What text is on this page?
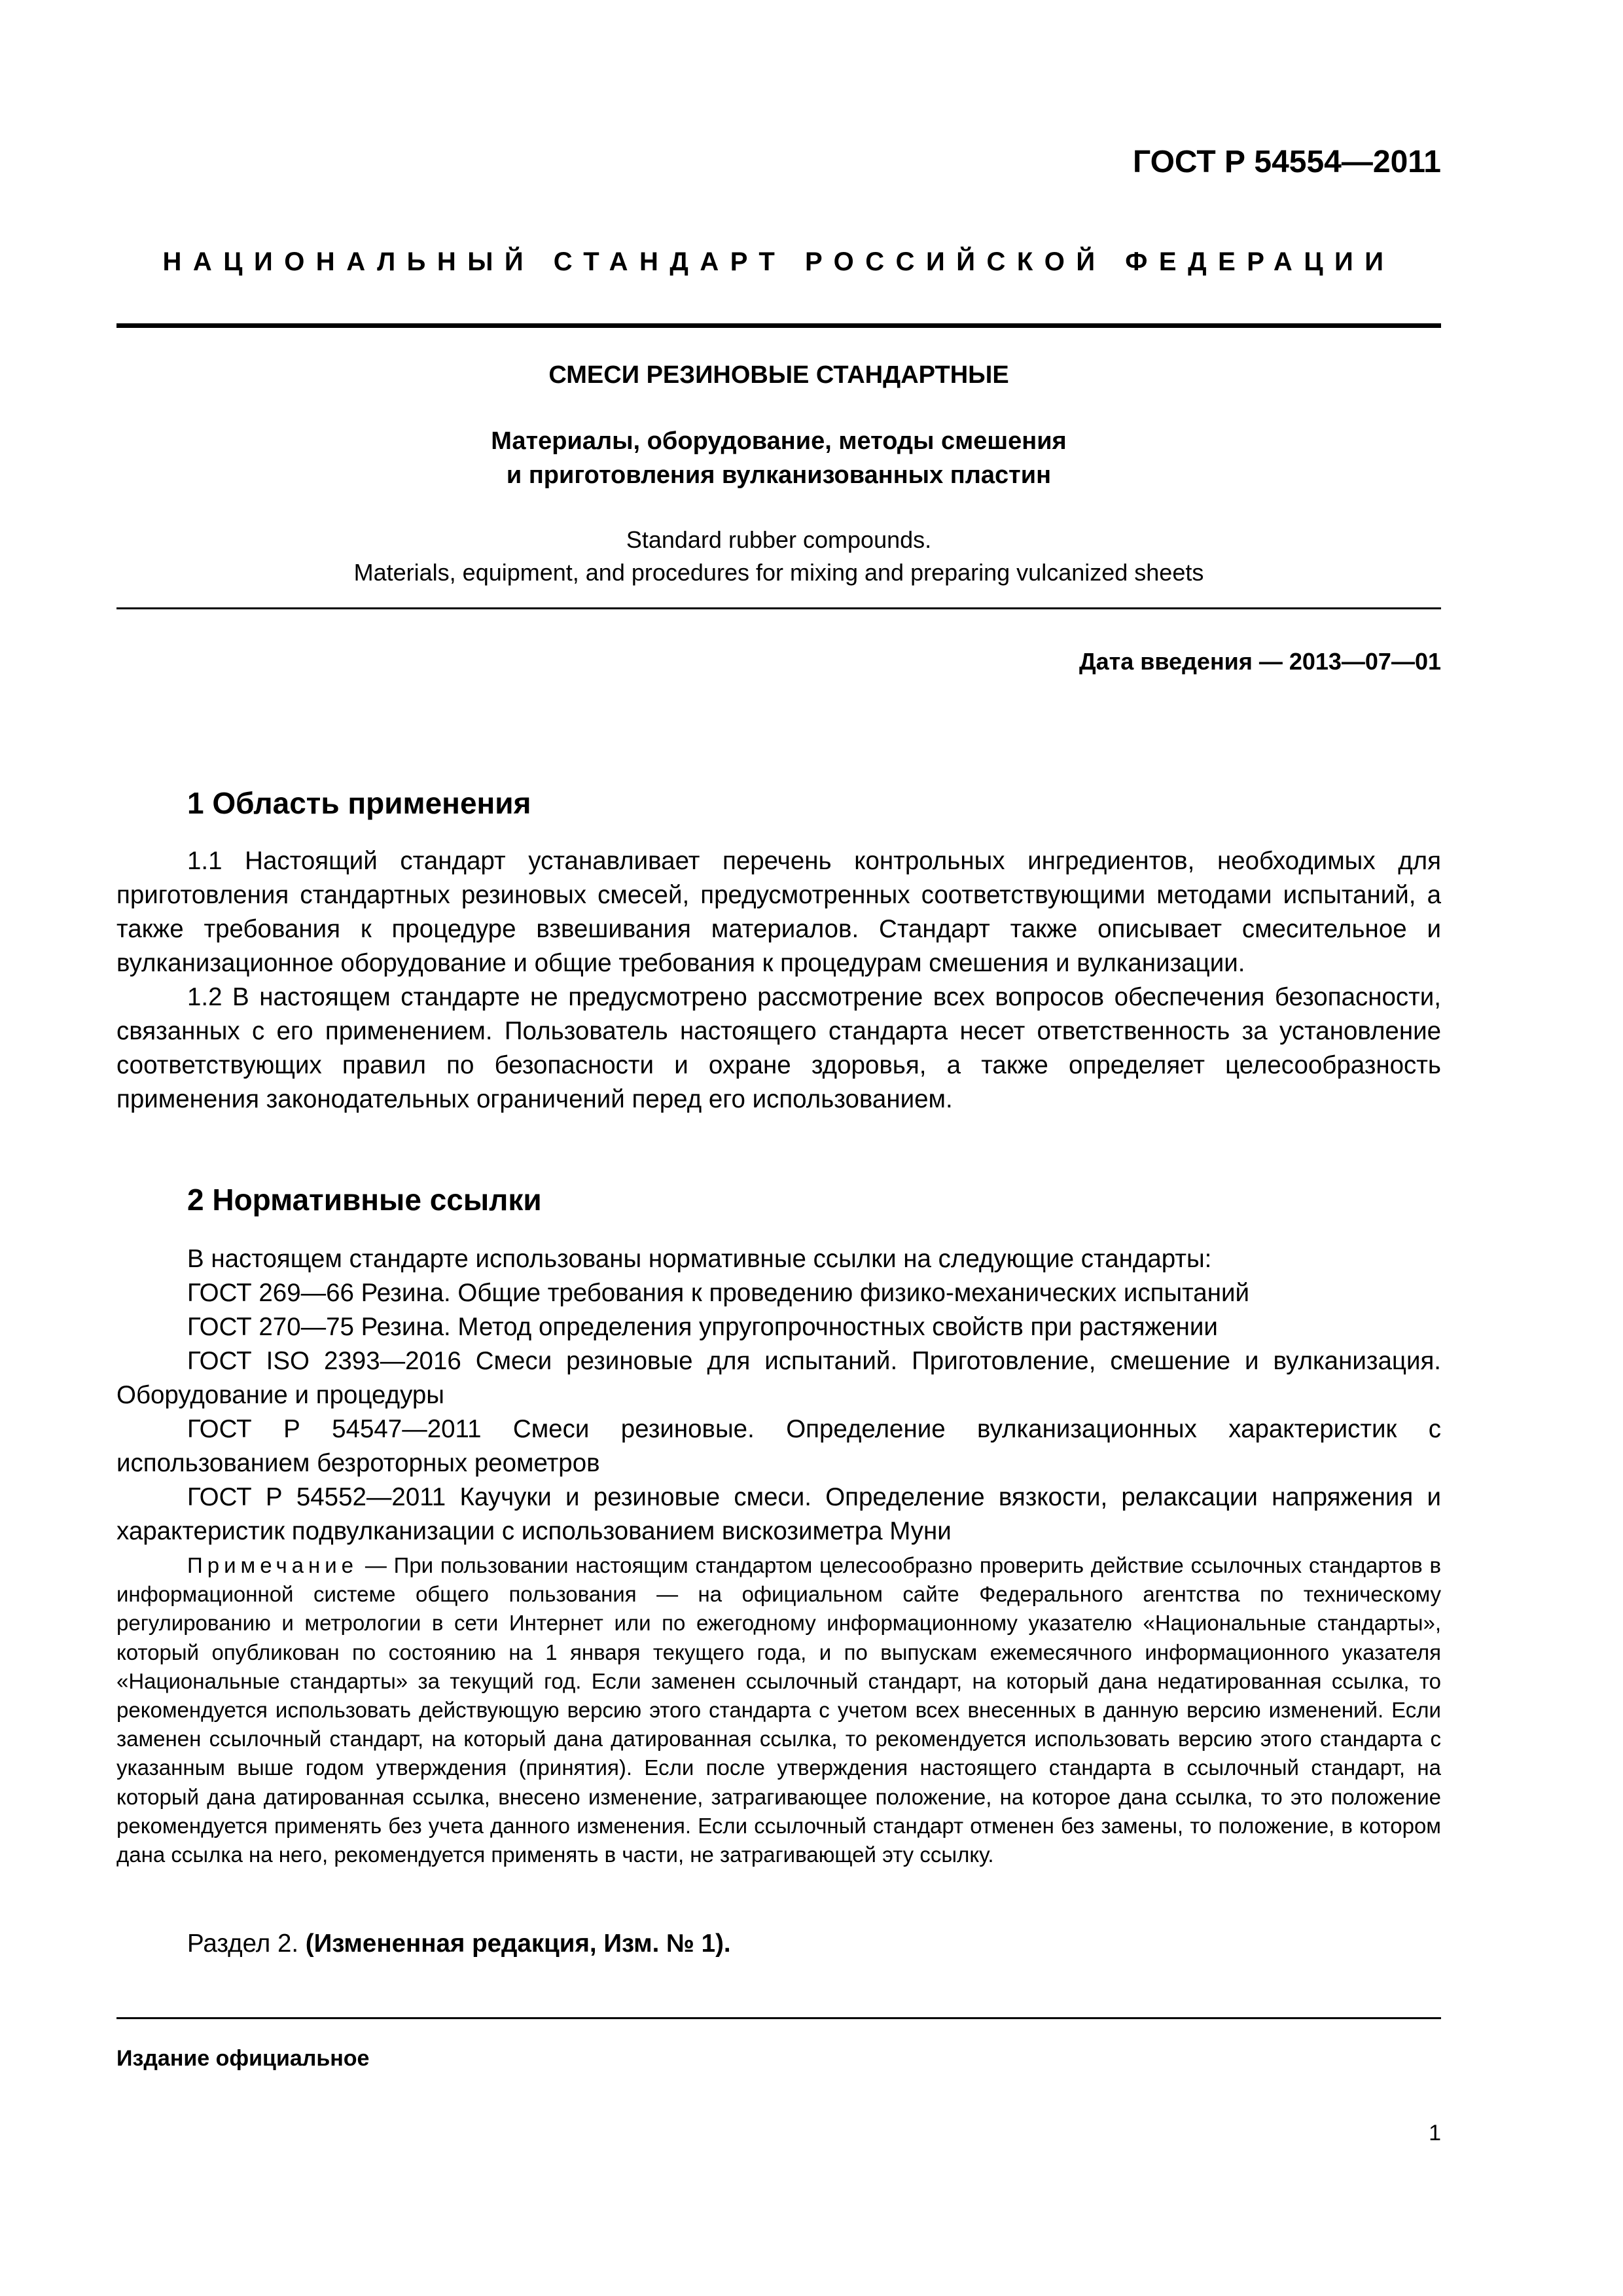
ГОСТ Р 54554—2011
НАЦИОНАЛЬНЫЙ СТАНДАРТ РОССИЙСКОЙ ФЕДЕРАЦИИ
СМЕСИ РЕЗИНОВЫЕ СТАНДАРТНЫЕ
Материалы, оборудование, методы смешения
и приготовления вулканизованных пластин
Standard rubber compounds.
Materials, equipment, and procedures for mixing and preparing vulcanized sheets
Дата введения — 2013—07—01
1 Область применения

1.1 Настоящий стандарт устанавливает перечень контрольных ингредиентов, необходимых для приготовления стандартных резиновых смесей, предусмотренных соответствующими методами испытаний, а также требования к процедуре взвешивания материалов. Стандарт также описывает смесительное и вулканизационное оборудование и общие требования к процедурам смешения и вулканизации.

1.2 В настоящем стандарте не предусмотрено рассмотрение всех вопросов обеспечения безопасности, связанных с его применением. Пользователь настоящего стандарта несет ответственность за установление соответствующих правил по безопасности и охране здоровья, а также определяет целесообразность применения законодательных ограничений перед его использованием.

2 Нормативные ссылки
В настоящем стандарте использованы нормативные ссылки на следующие стандарты:
ГОСТ 269—66 Резина. Общие требования к проведению физико-механических испытаний
ГОСТ 270—75 Резина. Метод определения упругопрочностных свойств при растяжении
ГОСТ ISO 2393—2016 Смеси резиновые для испытаний. Приготовление, смешение и вулканизация. Оборудование и процедуры
ГОСТ Р 54547—2011 Смеси резиновые. Определение вулканизационных характеристик с использованием безроторных реометров
ГОСТ Р 54552—2011 Каучуки и резиновые смеси. Определение вязкости, релаксации напряжения и характеристик подвулканизации с использованием вискозиметра Муни
Примечание — При пользовании настоящим стандартом целесообразно проверить действие ссылочных стандартов в информационной системе общего пользования — на официальном сайте Федерального агентства по техническому регулированию и метрологии в сети Интернет или по ежегодному информационному указателю «Национальные стандарты», который опубликован по состоянию на 1 января текущего года, и по выпускам ежемесячного информационного указателя «Национальные стандарты» за текущий год. Если заменен ссылочный стандарт, на который дана недатированная ссылка, то рекомендуется использовать действующую версию этого стандарта с учетом всех внесенных в данную версию изменений. Если заменен ссылочный стандарт, на который дана датированная ссылка, то рекомендуется использовать версию этого стандарта с указанным выше годом утверждения (принятия). Если после утверждения настоящего стандарта в ссылочный стандарт, на который дана датированная ссылка, внесено изменение, затрагивающее положение, на которое дана ссылка, то это положение рекомендуется применять без учета данного изменения. Если ссылочный стандарт отменен без замены, то положение, в котором дана ссылка на него, рекомендуется применять в части, не затрагивающей эту ссылку.
Раздел 2. (Измененная редакция, Изм. № 1).
Издание официальное
1
